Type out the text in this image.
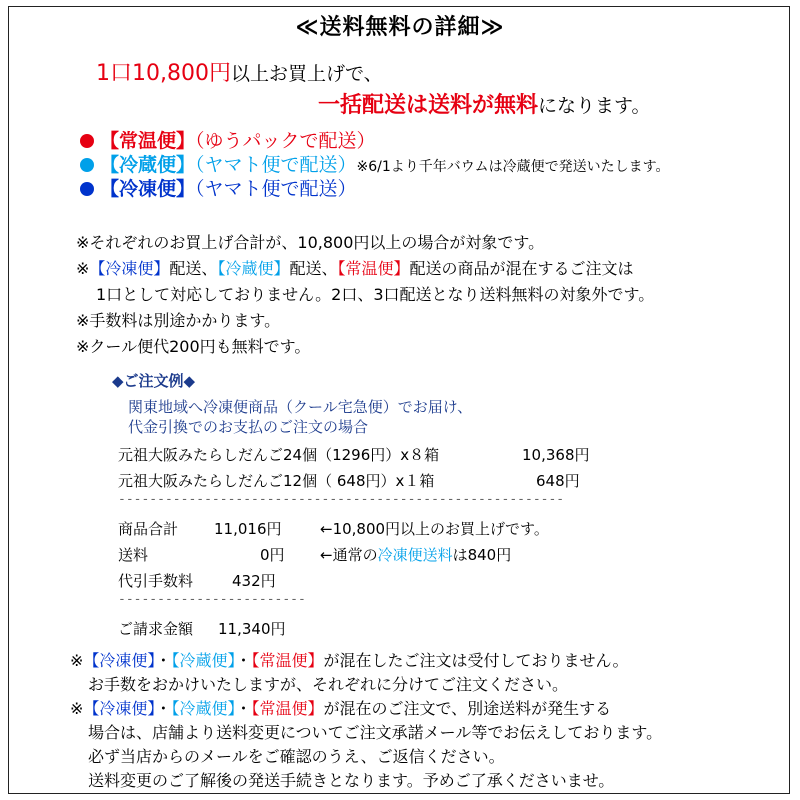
≪送料無料の詳細≫
1口10,800円以上お買上げで、
一括配送は送料が無料になります。
【常温便】（ゆうパックで配送）
【冷蔵便】（ヤマト便で配送）※6/1より千年バウムは冷蔵便で発送いたします。
【冷凍便】（ヤマト便で配送）
※それぞれのお買上げ合計が、10,800円以上の場合が対象です。
※【冷凍便】配送、【冷蔵便】配送、【常温便】配送の商品が混在するご注文は
1口として対応しておりません。2口、3口配送となり送料無料の対象外です。
※手数料は別途かかります。
※クール便代200円も無料です。
◆ご注文例◆
関東地域へ冷凍便商品（クール宅急便）でお届け、
代金引換でのお支払のご注文の場合
元祖大阪みたらしだんご24個（1296円）x８箱	10,368円
元祖大阪みたらしだんご12個（ 648円）x１箱	648円
---------------------------------------------------------
商品合計 11,016円	←10,800円以上のお買上げです。
送料	0円 ←通常の冷凍便送料は840円
代引手数料	432円
------------------------
ご請求金額 11,340円
※【冷凍便】・【冷蔵便】・【常温便】が混在したご注文は受付しておりません。
お手数をおかけいたしますが、それぞれに分けてご注文ください。
※【冷凍便】・【冷蔵便】・【常温便】が混在のご注文で、別途送料が発生する
場合は、店舗より送料変更についてご注文承諾メール等でお伝えしております。
必ず当店からのメールをご確認のうえ、ご返信ください。
送料変更のご了解後の発送手続きとなります。予めご了承くださいませ。
